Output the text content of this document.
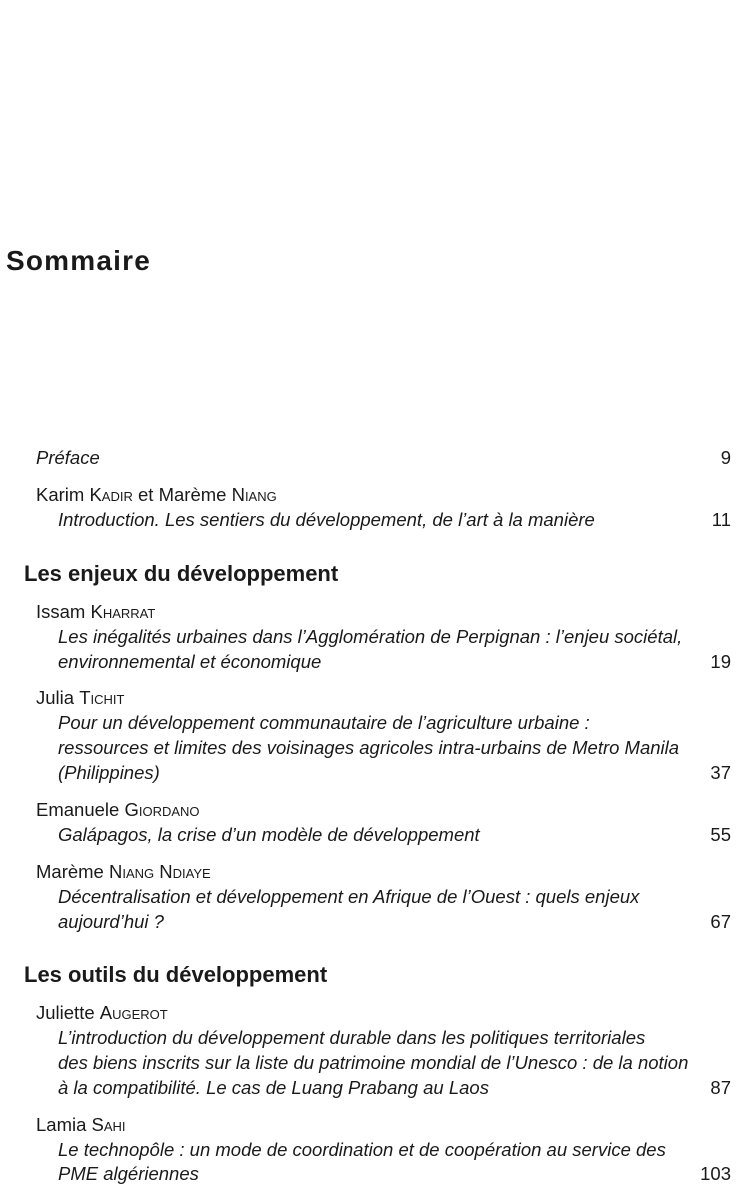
Sommaire
Préface	9
Karim Kadir et Marème Niang
Introduction. Les sentiers du développement, de l’art à la manière	11
Les enjeux du développement
Issam Kharrat
Les inégalités urbaines dans l’Agglomération de Perpignan : l’enjeu sociétal,
environnemental et économique	19
Julia Tichit
Pour un développement communautaire de l’agriculture urbaine :
ressources et limites des voisinages agricoles intra-urbains de Metro Manila
(Philippines)	37
Emanuele Giordano
Galápagos, la crise d’un modèle de développement	55
Marème Niang Ndiaye
Décentralisation et développement en Afrique de l’Ouest : quels enjeux
aujourd’hui ?	67
Les outils du développement
Juliette Augerot
L’introduction du développement durable dans les politiques territoriales
des biens inscrits sur la liste du patrimoine mondial de l’Unesco : de la notion
à la compatibilité. Le cas de Luang Prabang au Laos	87
Lamia Sahi
Le technopôle : un mode de coordination et de coopération au service des
PME algériennes	103
